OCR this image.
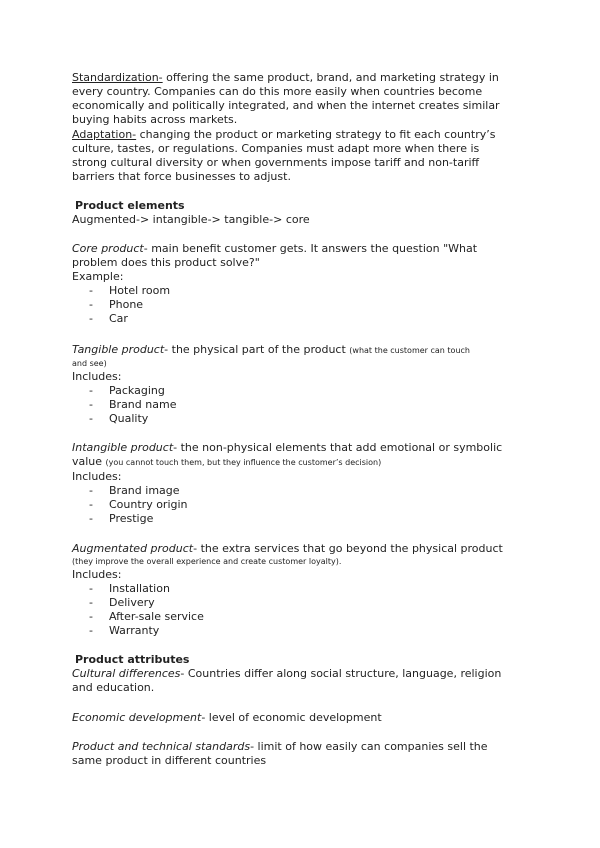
Standardization- offering the same product, brand, and marketing strategy in

every country. Companies can do this more easily when countries become

economically and politically integrated, and when the internet creates similar

buying habits across markets.

Adaptation- changing the product or marketing strategy to fit each country’s

culture, tastes, or regulations. Companies must adapt more when there is

strong cultural diversity or when governments impose tariff and non-tariff

barriers that force businesses to adjust.

Product elements

Augmented-> intangible-> tangible-> core

Core product- main benefit customer gets. It answers the question "What

problem does this product solve?"

Example:

- Hotel room

- Phone

- Car

Tangible product- the physical part of the product (what the customer can touch

and see)

Includes:

- Packaging

- Brand name

- Quality

Intangible product- the non-physical elements that add emotional or symbolic

value (you cannot touch them, but they influence the customer’s decision)

Includes:

- Brand image

- Country origin

- Prestige

Augmentated product- the extra services that go beyond the physical product

(they improve the overall experience and create customer loyalty).

Includes:

- Installation

- Delivery

- After-sale service

- Warranty

Product attributes

Cultural differences- Countries differ along social structure, language, religion

and education.

Economic development- level of economic development

Product and technical standards- limit of how easily can companies sell the

same product in different countries
